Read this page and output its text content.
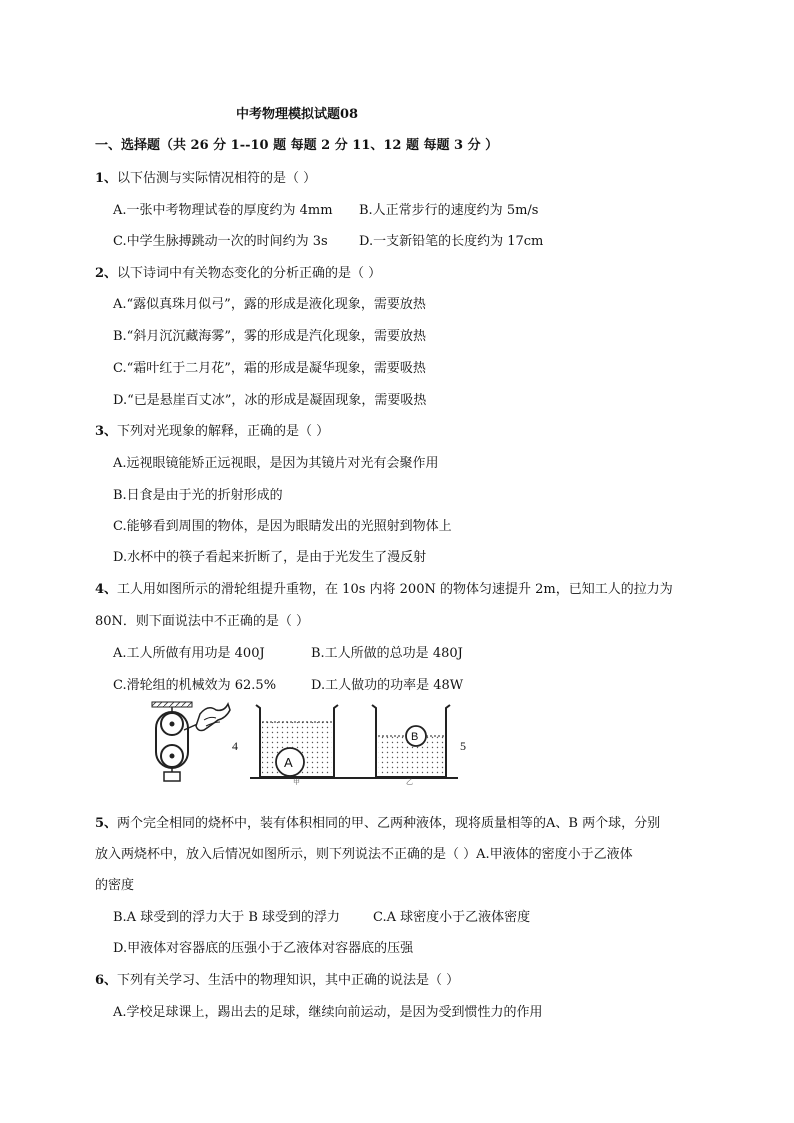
中考物理模拟试题08
一、选择题（共 26 分 1--10 题 每题 2 分 11、12 题 每题 3 分 ）
1、以下估测与实际情况相符的是（ ）
A.一张中考物理试卷的厚度约为 4mm B.人正常步行的速度约为 5m/s
C.中学生脉搏跳动一次的时间约为 3s D.一支新铅笔的长度约为 17cm
2、以下诗词中有关物态变化的分析正确的是（ ）
A.“露似真珠月似弓”，露的形成是液化现象，需要放热
B.“斜月沉沉藏海雾”，雾的形成是汽化现象，需要放热
C.“霜叶红于二月花”，霜的形成是凝华现象，需要吸热
D.“已是悬崖百丈冰”，冰的形成是凝固现象，需要吸热
3、下列对光现象的解释，正确的是（ ）
A.远视眼镜能矫正远视眼，是因为其镜片对光有会聚作用
B.日食是由于光的折射形成的
C.能够看到周围的物体，是因为眼睛发出的光照射到物体上
D.水杯中的筷子看起来折断了，是由于光发生了漫反射
4、工人用如图所示的滑轮组提升重物，在 10s 内将 200N 的物体匀速提升 2m，已知工人的拉力为
80N．则下面说法中不正确的是（ ）
A.工人所做有用功是 400J	B.工人所做的总功是 480J
C.滑轮组的机械效为 62.5%	D.工人做功的功率是 48W
4
A
甲
B
乙
5
5、两个完全相同的烧杯中，装有体积相同的甲、乙两种液体，现将质量相等的A、B 两个球，分别
放入两烧杯中，放入后情况如图所示，则下列说法不正确的是（ ）A.甲液体的密度小于乙液体
的密度
B.A 球受到的浮力大于 B 球受到的浮力	C.A 球密度小于乙液体密度
D.甲液体对容器底的压强小于乙液体对容器底的压强
6、下列有关学习、生活中的物理知识，其中正确的说法是（ ）
A.学校足球课上，踢出去的足球，继续向前运动，是因为受到惯性力的作用
